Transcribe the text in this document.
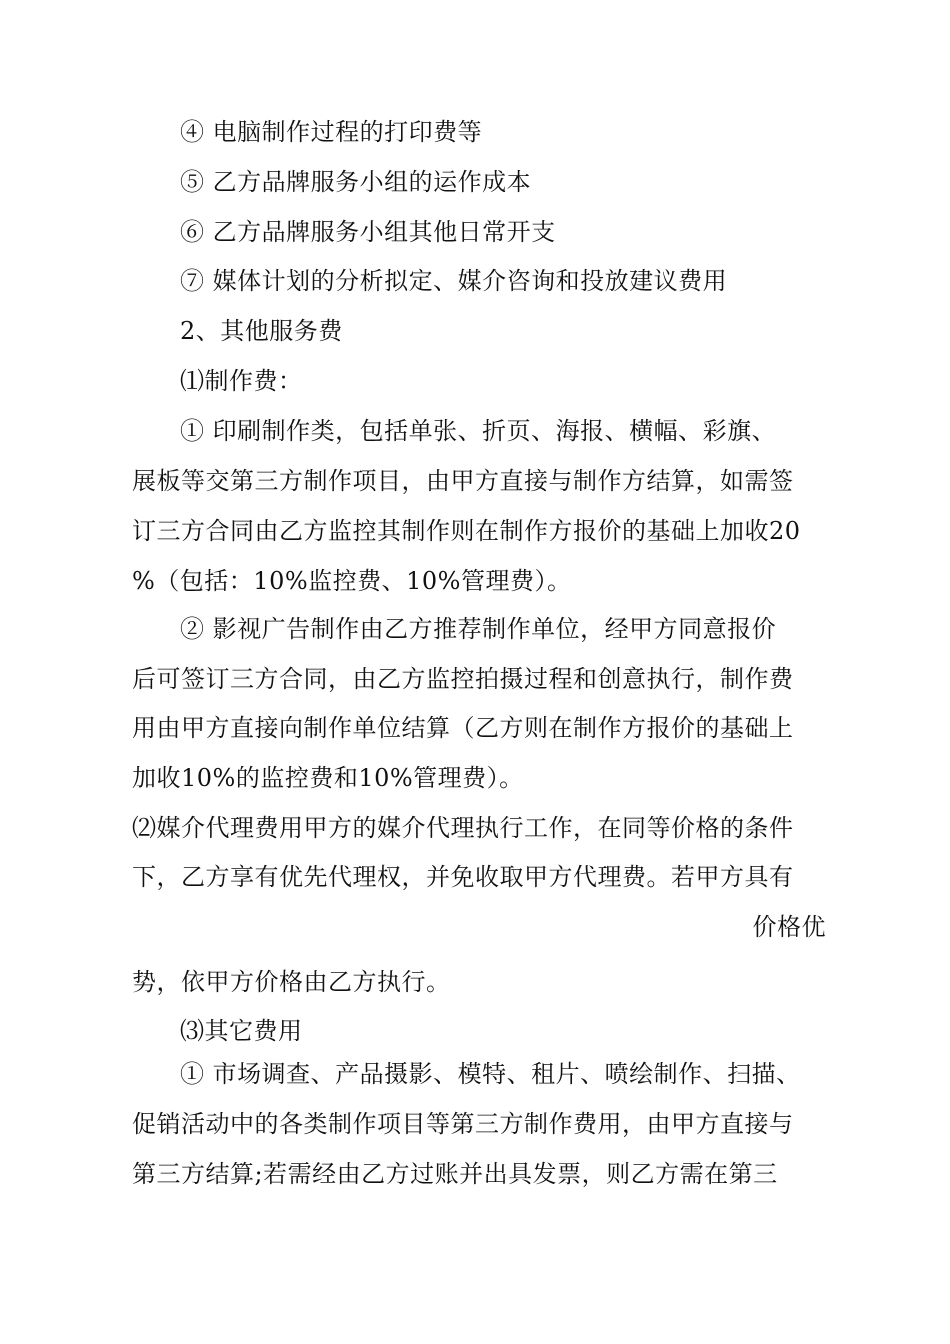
④ 电脑制作过程的打印费等
⑤ 乙方品牌服务小组的运作成本
⑥ 乙方品牌服务小组其他日常开支
⑦ 媒体计划的分析拟定、媒介咨询和投放建议费用
2、其他服务费
⑴制作费：
① 印刷制作类，包括单张、折页、海报、横幅、彩旗、
展板等交第三方制作项目，由甲方直接与制作方结算，如需签
订三方合同由乙方监控其制作则在制作方报价的基础上加收20
%（包括：10%监控费、10%管理费）。
② 影视广告制作由乙方推荐制作单位，经甲方同意报价
后可签订三方合同，由乙方监控拍摄过程和创意执行，制作费
用由甲方直接向制作单位结算（乙方则在制作方报价的基础上
加收10%的监控费和10%管理费）。
⑵媒介代理费用甲方的媒介代理执行工作，在同等价格的条件
下，乙方享有优先代理权，并免收取甲方代理费。若甲方具有
价格优
势，依甲方价格由乙方执行。
⑶其它费用
① 市场调查、产品摄影、模特、租片、喷绘制作、扫描、
促销活动中的各类制作项目等第三方制作费用，由甲方直接与
第三方结算;若需经由乙方过账并出具发票，则乙方需在第三
